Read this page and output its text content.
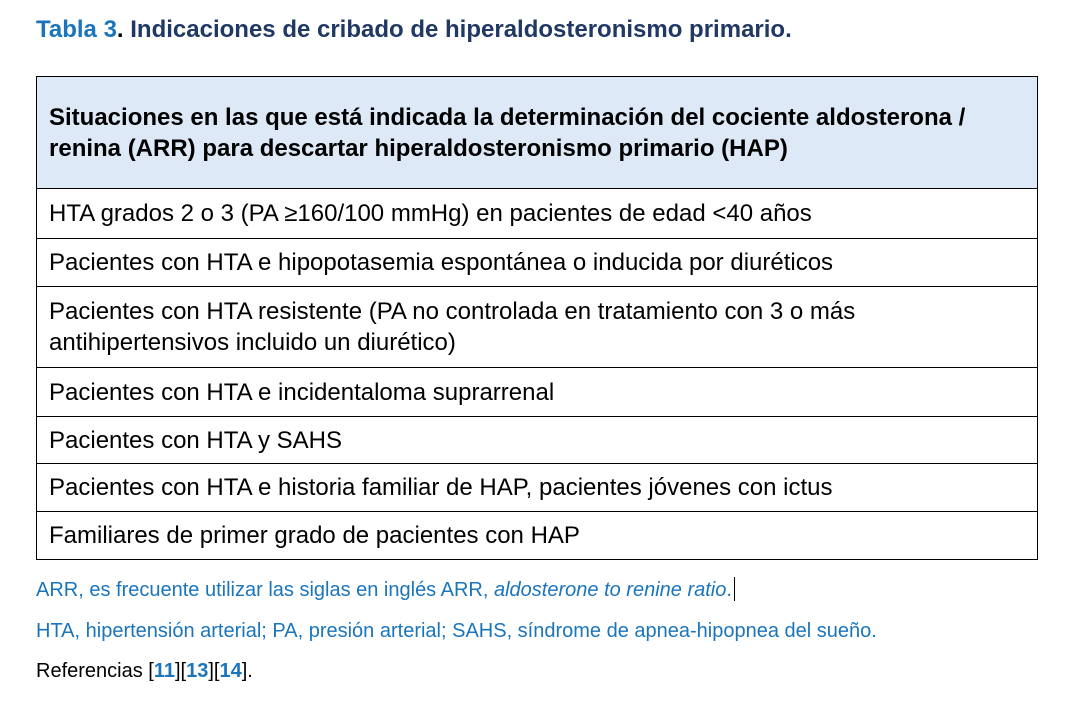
Tabla 3. Indicaciones de cribado de hiperaldosteronismo primario.
Situaciones en las que está indicada la determinación del cociente aldosterona / renina (ARR) para descartar hiperaldosteronismo primario (HAP)
HTA grados 2 o 3 (PA ≥160/100 mmHg) en pacientes de edad <40 años
Pacientes con HTA e hipopotasemia espontánea o inducida por diuréticos
Pacientes con HTA resistente (PA no controlada en tratamiento con 3 o más antihipertensivos incluido un diurético)
Pacientes con HTA e incidentaloma suprarrenal
Pacientes con HTA y SAHS
Pacientes con HTA e historia familiar de HAP, pacientes jóvenes con ictus
Familiares de primer grado de pacientes con HAP
ARR, es frecuente utilizar las siglas en inglés ARR, aldosterone to renine ratio.
HTA, hipertensión arterial; PA, presión arterial; SAHS, síndrome de apnea-hipopnea del sueño.
Referencias [11][13][14].
